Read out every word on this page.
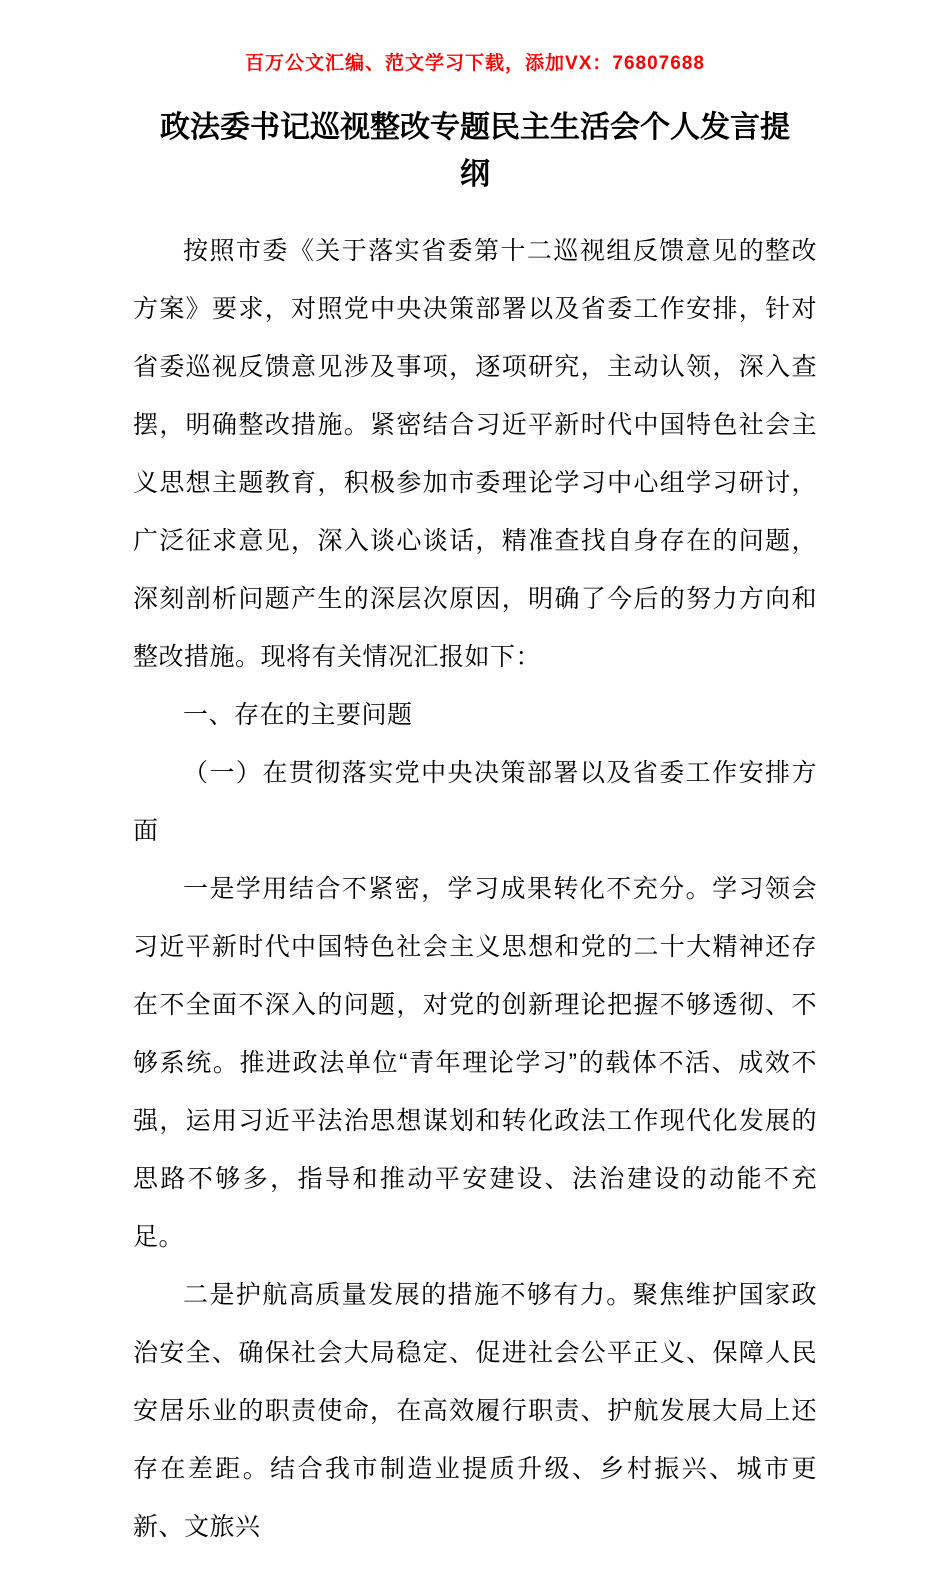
百万公文汇编、范文学习下载，添加VX：76807688
政法委书记巡视整改专题民主生活会个人发言提纲

按照市委《关于落实省委第十二巡视组反馈意见的整改方案》要求，对照党中央决策部署以及省委工作安排，针对省委巡视反馈意见涉及事项，逐项研究，主动认领，深入查摆，明确整改措施。紧密结合习近平新时代中国特色社会主义思想主题教育，积极参加市委理论学习中心组学习研讨，广泛征求意见，深入谈心谈话，精准查找自身存在的问题，深刻剖析问题产生的深层次原因，明确了今后的努力方向和整改措施。现将有关情况汇报如下：

一、存在的主要问题

（一）在贯彻落实党中央决策部署以及省委工作安排方面

一是学用结合不紧密，学习成果转化不充分。学习领会习近平新时代中国特色社会主义思想和党的二十大精神还存在不全面不深入的问题，对党的创新理论把握不够透彻、不够系统。推进政法单位“青年理论学习”的载体不活、成效不强，运用习近平法治思想谋划和转化政法工作现代化发展的思路不够多，指导和推动平安建设、法治建设的动能不充足。

二是护航高质量发展的措施不够有力。聚焦维护国家政治安全、确保社会大局稳定、促进社会公平正义、保障人民安居乐业的职责使命，在高效履行职责、护航发展大局上还存在差距。结合我市制造业提质升级、乡村振兴、城市更新、文旅兴
